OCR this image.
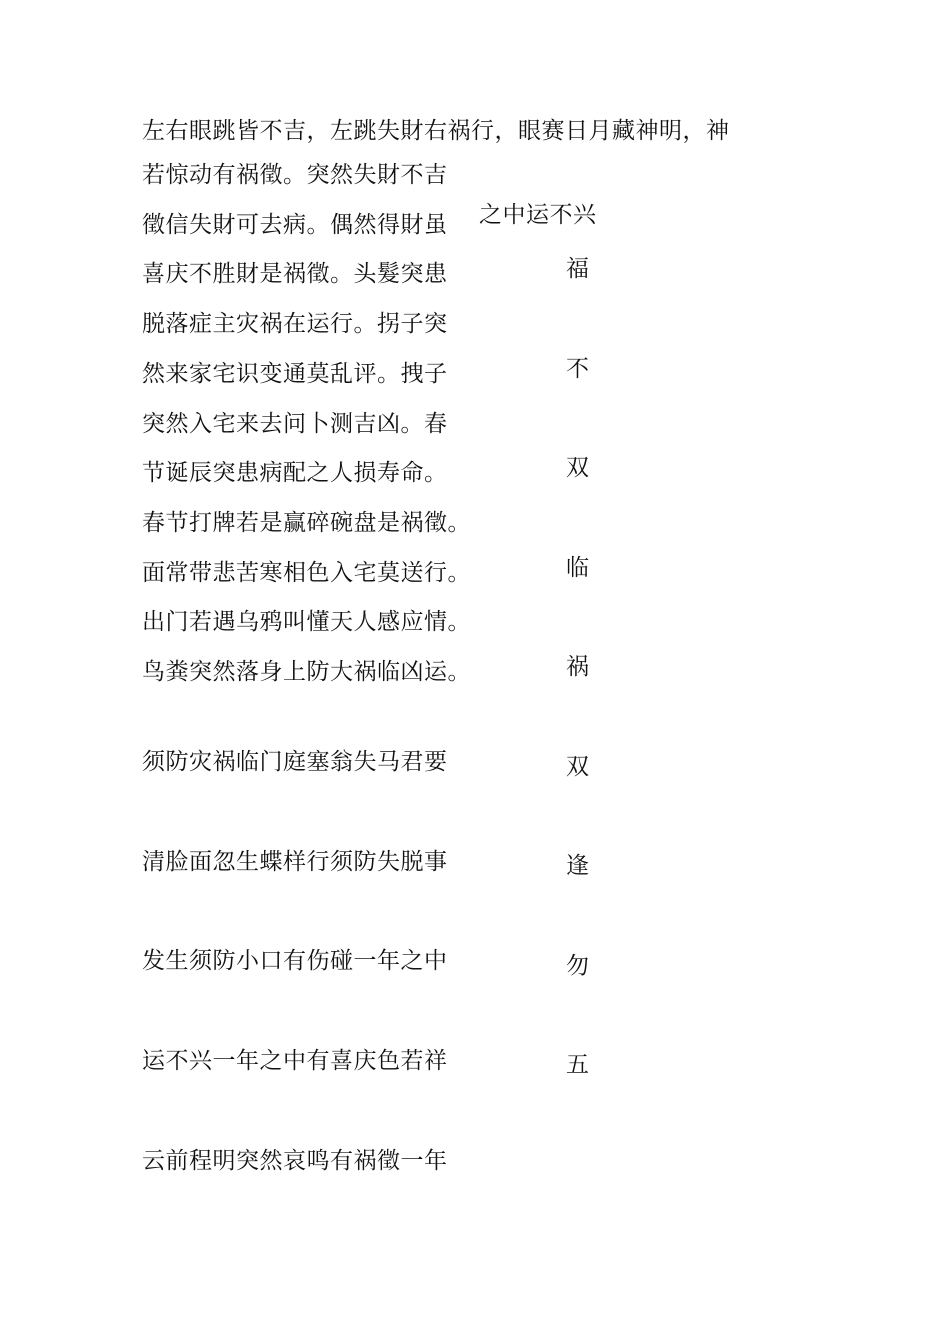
左右眼跳皆不吉，左跳失財右祸行，眼赛日月藏神明，神
若惊动有祸徵。突然失財不吉
徵信失財可去病。偶然得財虽
喜庆不胜財是祸徵。头髮突患
脱落症主灾祸在运行。拐子突
然来家宅识变通莫乱评。拽子
突然入宅来去问卜测吉凶。春
节诞辰突患病配之人损寿命。
春节打牌若是赢碎碗盘是祸徵。
面常带悲苦寒相色入宅莫送行。
出门若遇乌鸦叫懂天人感应情。
鸟粪突然落身上防大祸临凶运。
须防灾祸临门庭塞翁失马君要
清脸面忽生蝶样行须防失脱事
发生须防小口有伤碰一年之中
运不兴一年之中有喜庆色若祥
云前程明突然哀鸣有祸徵一年
之中运不兴
福
不
双
临
祸
双
逢
勿
五
